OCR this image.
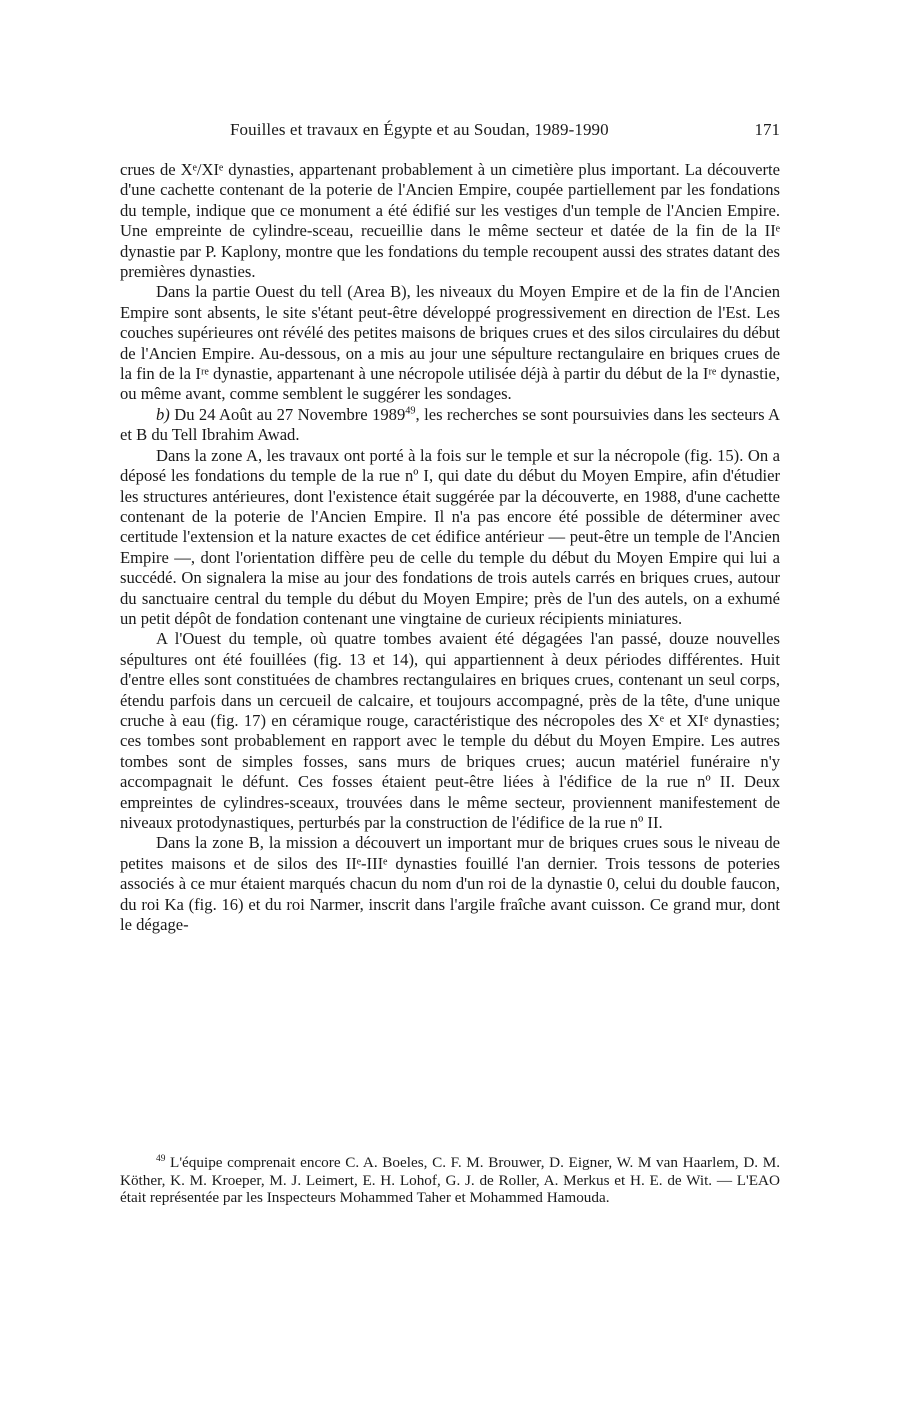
Fouilles et travaux en Égypte et au Soudan, 1989-1990	171

crues de Xᵉ/XIᵉ dynasties, appartenant probablement à un cimetière plus important. La découverte d'une cachette contenant de la poterie de l'Ancien Empire, coupée partiellement par les fondations du temple, indique que ce monument a été édifié sur les vestiges d'un temple de l'Ancien Empire. Une empreinte de cylindre-sceau, recueillie dans le même secteur et datée de la fin de la IIᵉ dynastie par P. Kaplony, montre que les fondations du temple recoupent aussi des strates datant des premières dynasties.

Dans la partie Ouest du tell (Area B), les niveaux du Moyen Empire et de la fin de l'Ancien Empire sont absents, le site s'étant peut-être développé progressivement en direction de l'Est. Les couches supérieures ont révélé des petites maisons de briques crues et des silos circulaires du début de l'Ancien Empire. Au-dessous, on a mis au jour une sépulture rectangulaire en briques crues de la fin de la Iʳᵉ dynastie, appartenant à une nécropole utilisée déjà à partir du début de la Iʳᵉ dynastie, ou même avant, comme semblent le suggérer les sondages.

b) Du 24 Août au 27 Novembre 1989$^{49}$, les recherches se sont poursuivies dans les secteurs A et B du Tell Ibrahim Awad.

Dans la zone A, les travaux ont porté à la fois sur le temple et sur la nécropole (fig. 15). On a déposé les fondations du temple de la rue nº I, qui date du début du Moyen Empire, afin d'étudier les structures antérieures, dont l'existence était suggérée par la découverte, en 1988, d'une cachette contenant de la poterie de l'Ancien Empire. Il n'a pas encore été possible de déterminer avec certitude l'extension et la nature exactes de cet édifice antérieur — peut-être un temple de l'Ancien Empire —, dont l'orientation diffère peu de celle du temple du début du Moyen Empire qui lui a succédé. On signalera la mise au jour des fondations de trois autels carrés en briques crues, autour du sanctuaire central du temple du début du Moyen Empire; près de l'un des autels, on a exhumé un petit dépôt de fondation contenant une vingtaine de curieux récipients miniatures.

A l'Ouest du temple, où quatre tombes avaient été dégagées l'an passé, douze nouvelles sépultures ont été fouillées (fig. 13 et 14), qui appartiennent à deux périodes différentes. Huit d'entre elles sont constituées de chambres rectangulaires en briques crues, contenant un seul corps, étendu parfois dans un cercueil de calcaire, et toujours accompagné, près de la tête, d'une unique cruche à eau (fig. 17) en céramique rouge, caractéristique des nécropoles des Xᵉ et XIᵉ dynasties; ces tombes sont probablement en rapport avec le temple du début du Moyen Empire. Les autres tombes sont de simples fosses, sans murs de briques crues; aucun matériel funéraire n'y accompagnait le défunt. Ces fosses étaient peut-être liées à l'édifice de la rue nº II. Deux empreintes de cylindres-sceaux, trouvées dans le même secteur, proviennent manifestement de niveaux protodynastiques, perturbés par la construction de l'édifice de la rue nº II.

Dans la zone B, la mission a découvert un important mur de briques crues sous le niveau de petites maisons et de silos des IIᵉ-IIIᵉ dynasties fouillé l'an dernier. Trois tessons de poteries associés à ce mur étaient marqués chacun du nom d'un roi de la dynastie 0, celui du double faucon, du roi Ka (fig. 16) et du roi Narmer, inscrit dans l'argile fraîche avant cuisson. Ce grand mur, dont le dégage-

$^{49}$ L'équipe comprenait encore C. A. Boeles, C. F. M. Brouwer, D. Eigner, W. M van Haarlem, D. M. Köther, K. M. Kroeper, M. J. Leimert, E. H. Lohof, G. J. de Roller, A. Merkus et H. E. de Wit. — L'EAO était représentée par les Inspecteurs Mohammed Taher et Mohammed Hamouda.
